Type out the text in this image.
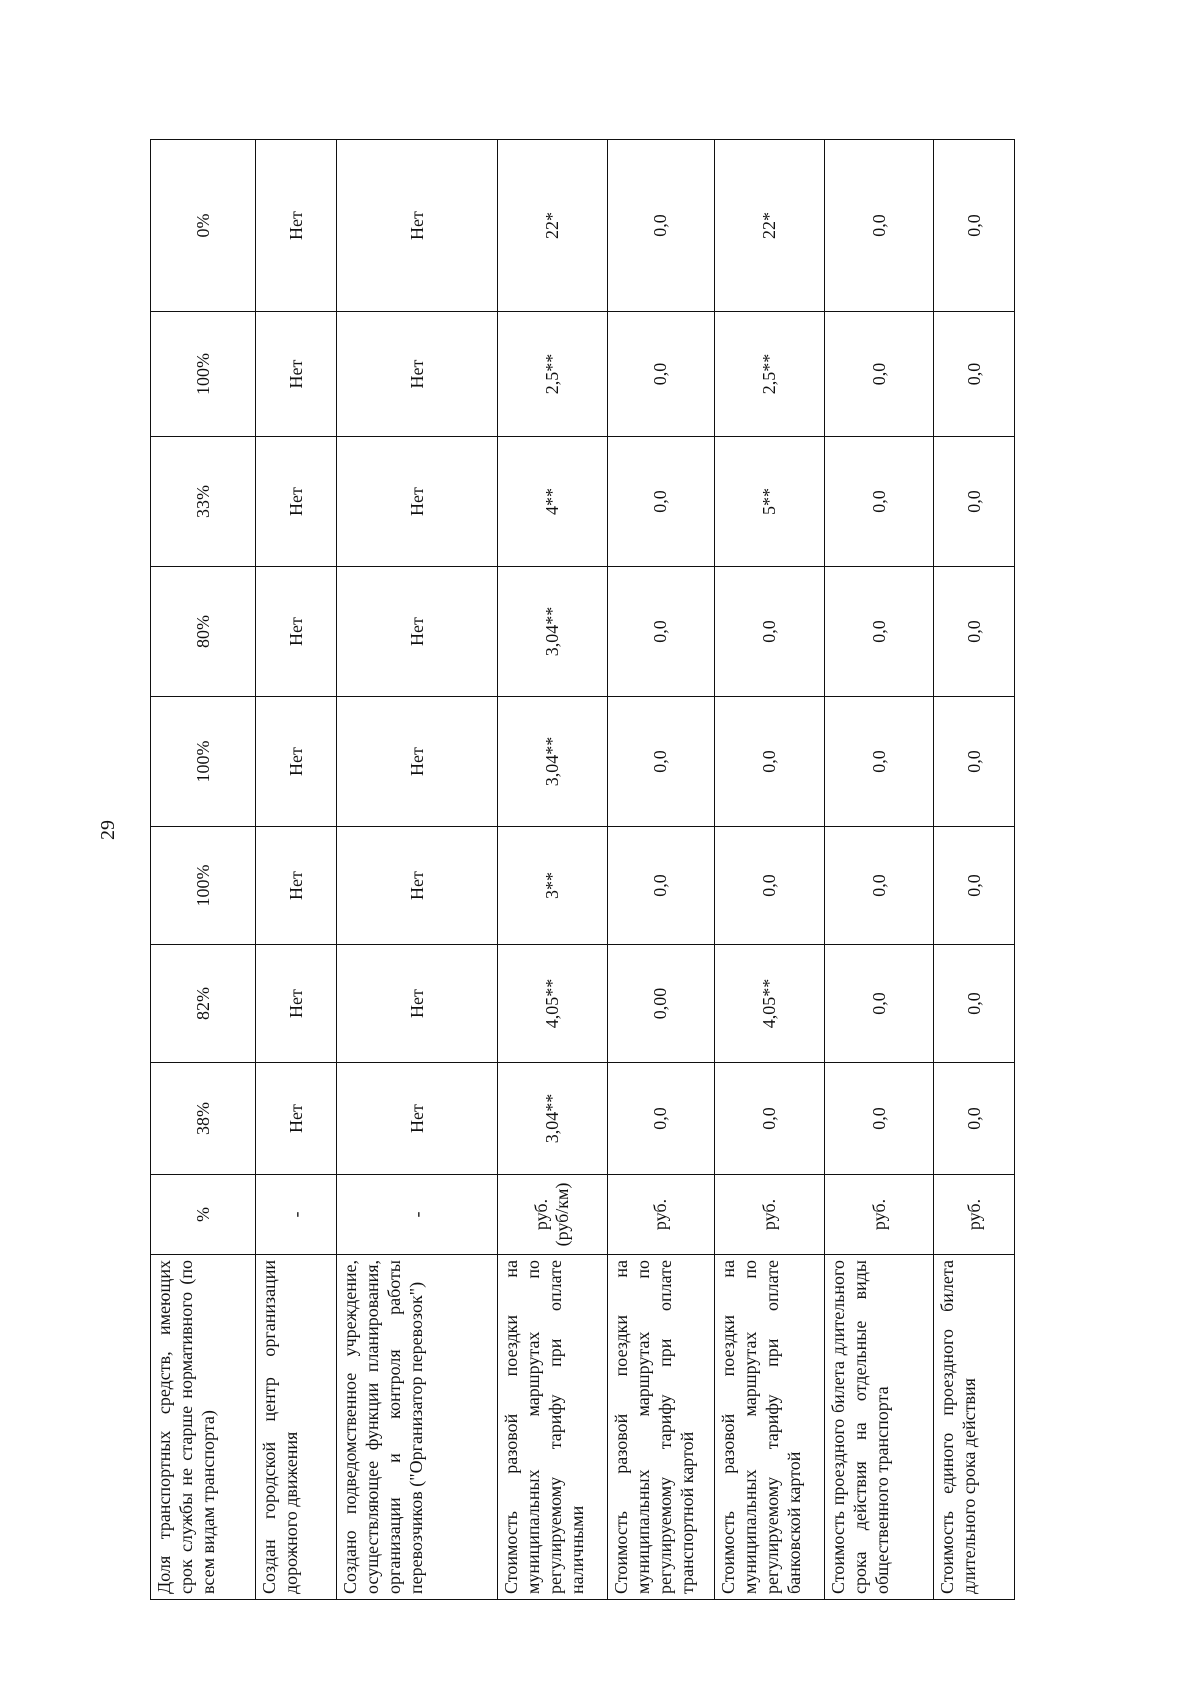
29
Доля транспортных средств, имеющих срок службы не старше нормативного (по всем видам транспорта)	%	38%	82%	100%	100%	80%	33%	100%	0%
Создан городской центр организации дорожного движения	-	Нет	Нет	Нет	Нет	Нет	Нет	Нет	Нет
Создано подведомственное учреждение, осуществляющее функции планирования, организации и контроля работы перевозчиков ("Организатор перевозок")	-	Нет	Нет	Нет	Нет	Нет	Нет	Нет	Нет
Стоимость разовой поездки на муниципальных маршрутах по регулируемому тарифу при оплате наличными	руб. (руб/км)	3,04**	4,05**	3**	3,04**	3,04**	4**	2,5**	22*
Стоимость разовой поездки на муниципальных маршрутах по регулируемому тарифу при оплате транспортной картой	руб.	0,0	0,00	0,0	0,0	0,0	0,0	0,0	0,0
Стоимость разовой поездки на муниципальных маршрутах по регулируемому тарифу при оплате банковской картой	руб.	0,0	4,05**	0,0	0,0	0,0	5**	2,5**	22*
Стоимость проездного билета длительного срока действия на отдельные виды общественного транспорта	руб.	0,0	0,0	0,0	0,0	0,0	0,0	0,0	0,0
Стоимость единого проездного билета длительного срока действия	руб.	0,0	0,0	0,0	0,0	0,0	0,0	0,0	0,0
